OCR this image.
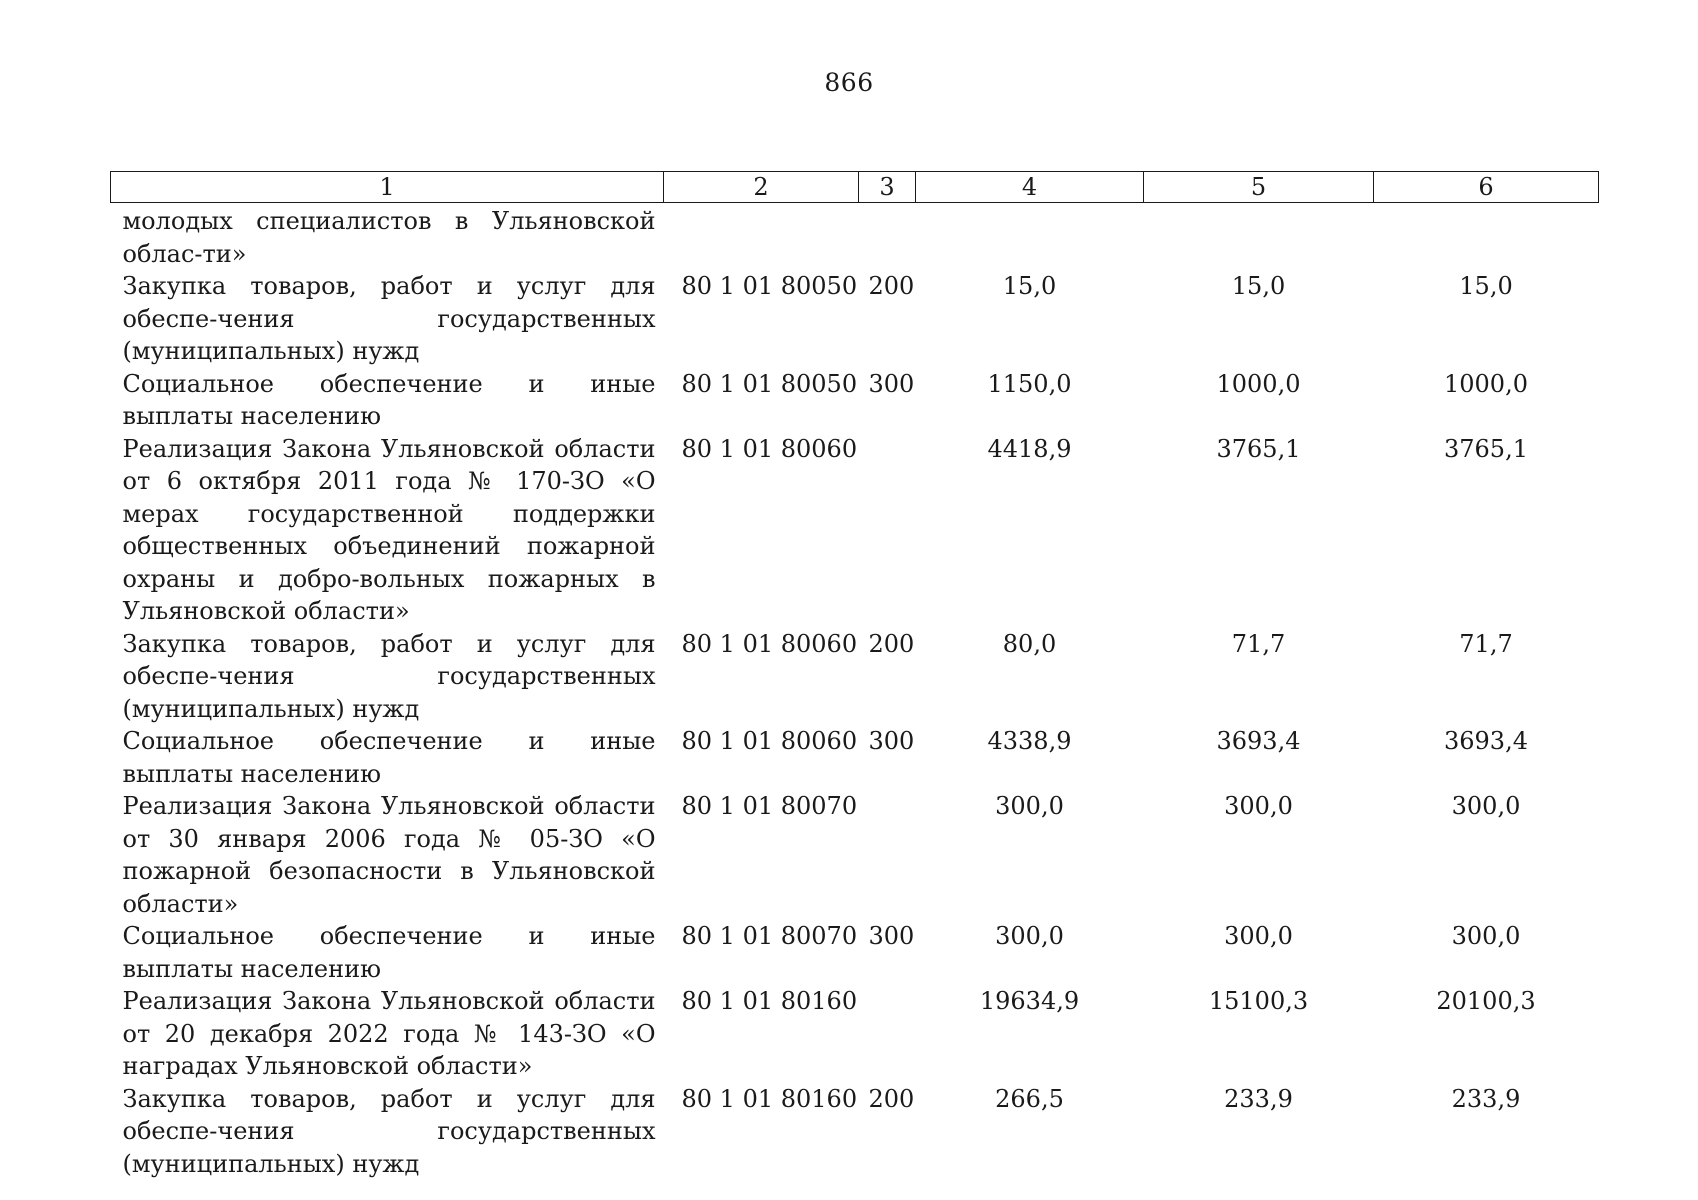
866
1	2	3	4	5	6
молодых специалистов в Ульяновской облас-ти»					
Закупка товаров, работ и услуг для обеспе-чения государственных (муниципальных) нужд	80 1 01 80050	200	15,0	15,0	15,0
Социальное обеспечение и иные выплаты населению	80 1 01 80050	300	1150,0	1000,0	1000,0
Реализация Закона Ульяновской области от 6 октября 2011 года № 170-ЗО «О мерах государственной поддержки общественных объединений пожарной охраны и добро-вольных пожарных в Ульяновской области»	80 1 01 80060		4418,9	3765,1	3765,1
Закупка товаров, работ и услуг для обеспе-чения государственных (муниципальных) нужд	80 1 01 80060	200	80,0	71,7	71,7
Социальное обеспечение и иные выплаты населению	80 1 01 80060	300	4338,9	3693,4	3693,4
Реализация Закона Ульяновской области от 30 января 2006 года № 05-ЗО «О пожарной безопасности в Ульяновской области»	80 1 01 80070		300,0	300,0	300,0
Социальное обеспечение и иные выплаты населению	80 1 01 80070	300	300,0	300,0	300,0
Реализация Закона Ульяновской области от 20 декабря 2022 года № 143-ЗО «О наградах Ульяновской области»	80 1 01 80160		19634,9	15100,3	20100,3
Закупка товаров, работ и услуг для обеспе-чения государственных (муниципальных) нужд	80 1 01 80160	200	266,5	233,9	233,9
